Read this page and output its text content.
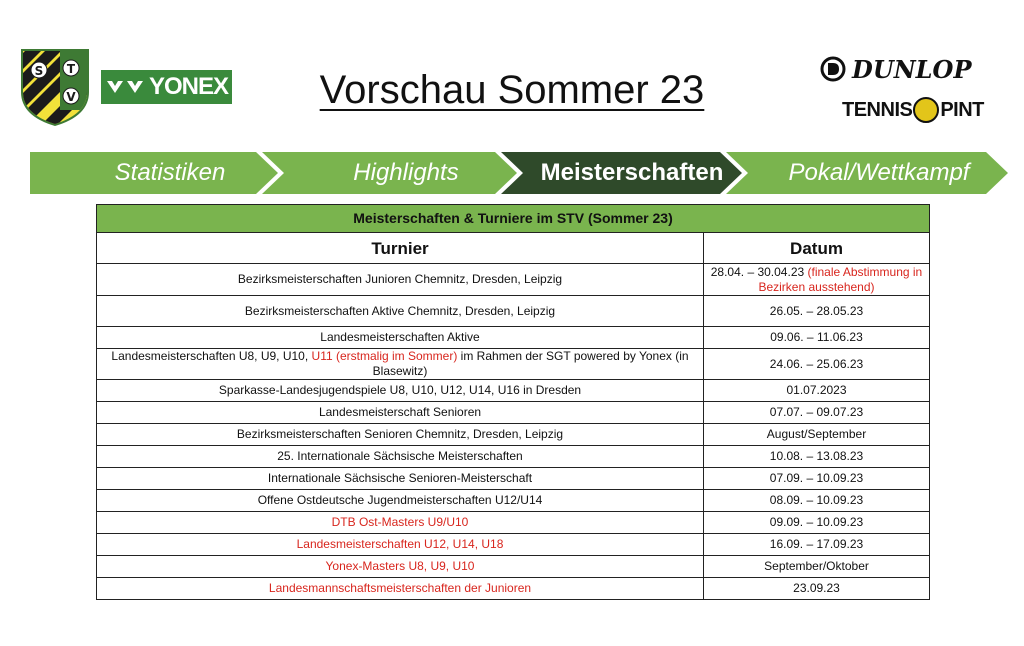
S T
V	YONEX Vorschau Sommer 23	DUNLOP
TENNIS PINT
Statistiken	Highlights	Meisterschaften	Pokal/Wettkampf
Meisterschaften & Turniere im STV (Sommer 23)	
Turnier	Datum
Bezirksmeisterschaften Junioren Chemnitz, Dresden, Leipzig	28.04. – 30.04.23 (finale Abstimmung in Bezirken ausstehend)
Bezirksmeisterschaften Aktive Chemnitz, Dresden, Leipzig	26.05. – 28.05.23
Landesmeisterschaften Aktive	09.06. – 11.06.23
Landesmeisterschaften U8, U9, U10, U11 (erstmalig im Sommer) im Rahmen der SGT powered by Yonex (in Blasewitz)	24.06. – 25.06.23
Sparkasse-Landesjugendspiele U8, U10, U12, U14, U16 in Dresden	01.07.2023
Landesmeisterschaft Senioren	07.07. – 09.07.23
Bezirksmeisterschaften Senioren Chemnitz, Dresden, Leipzig	August/September
25. Internationale Sächsische Meisterschaften	10.08. – 13.08.23
Internationale Sächsische Senioren-Meisterschaft	07.09. – 10.09.23
Offene Ostdeutsche Jugendmeisterschaften U12/U14	08.09. – 10.09.23
DTB Ost-Masters U9/U10	09.09. – 10.09.23
Landesmeisterschaften U12, U14, U18	16.09. – 17.09.23
Yonex-Masters U8, U9, U10	September/Oktober
Landesmannschaftsmeisterschaften der Junioren	23.09.23
